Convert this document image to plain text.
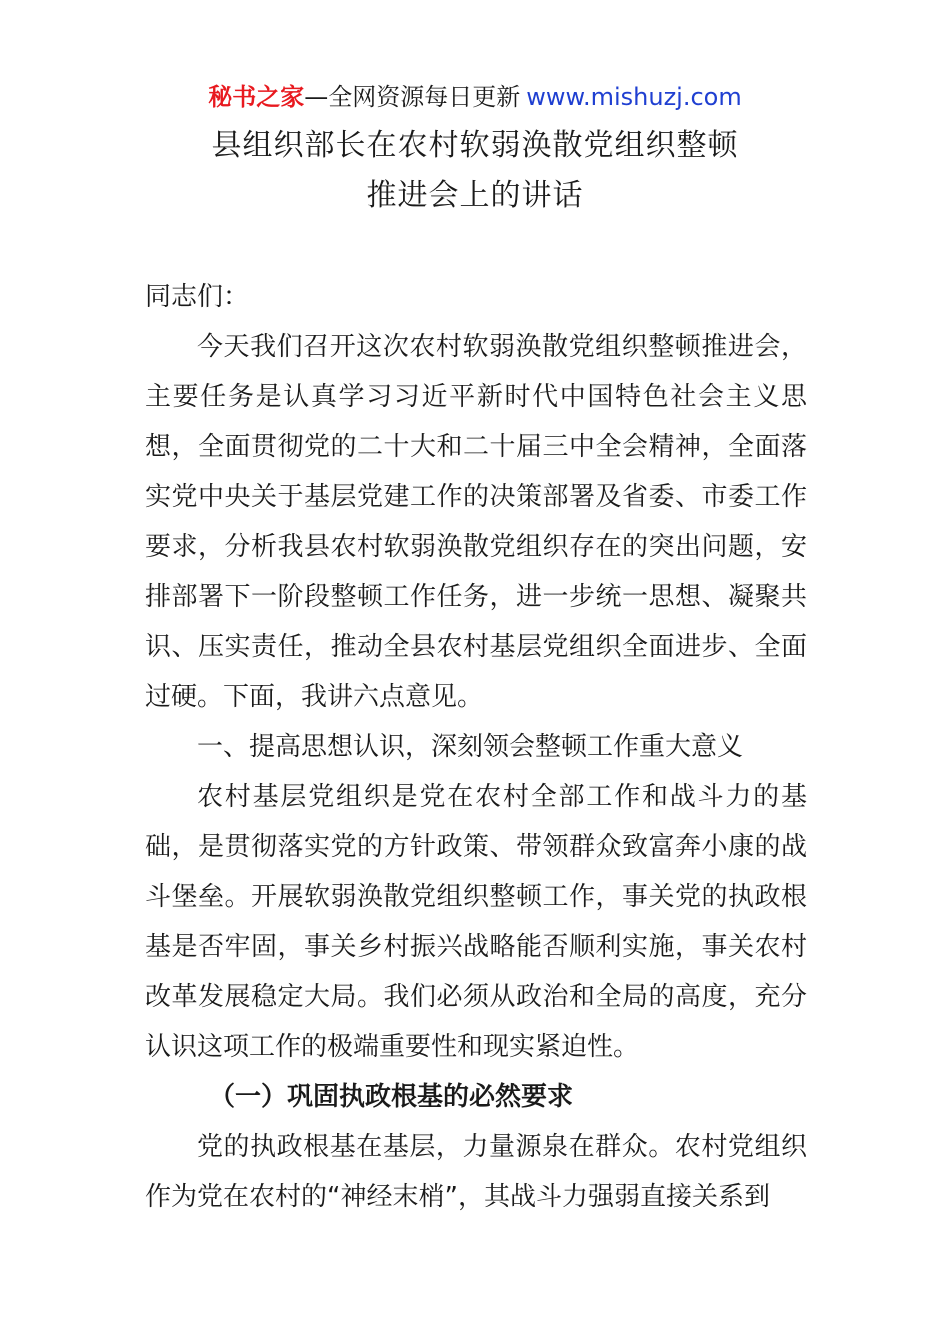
秘书之家—全网资源每日更新 www.mishuzj.com
县组织部长在农村软弱涣散党组织整顿
推进会上的讲话

同志们：

今天我们召开这次农村软弱涣散党组织整顿推进会，主要任务是认真学习习近平新时代中国特色社会主义思想，全面贯彻党的二十大和二十届三中全会精神，全面落实党中央关于基层党建工作的决策部署及省委、市委工作要求，分析我县农村软弱涣散党组织存在的突出问题，安排部署下一阶段整顿工作任务，进一步统一思想、凝聚共识、压实责任，推动全县农村基层党组织全面进步、全面过硬。下面，我讲六点意见。

一、提高思想认识，深刻领会整顿工作重大意义

农村基层党组织是党在农村全部工作和战斗力的基础，是贯彻落实党的方针政策、带领群众致富奔小康的战斗堡垒。开展软弱涣散党组织整顿工作，事关党的执政根基是否牢固，事关乡村振兴战略能否顺利实施，事关农村改革发展稳定大局。我们必须从政治和全局的高度，充分认识这项工作的极端重要性和现实紧迫性。

（一）巩固执政根基的必然要求

党的执政根基在基层，力量源泉在群众。农村党组织作为党在农村的“神经末梢”，其战斗力强弱直接关系到
